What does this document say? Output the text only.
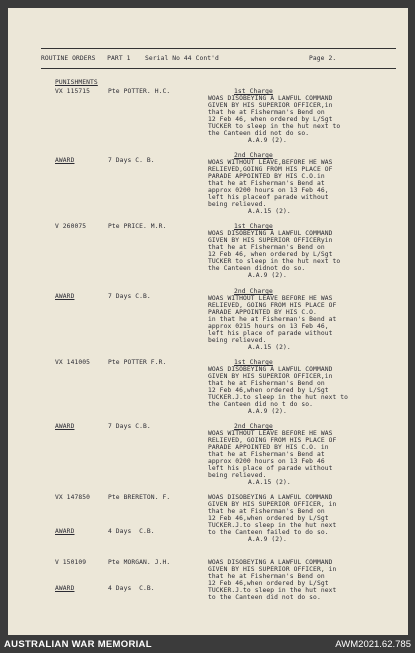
ROUTINE ORDERS   PART 1 Serial No 44 Cont'd	Page 2.
PUNISHMENTS
VX 115715	Pte POTTER. H.C.	1st Charge
WOAS DISOBEYING A LAWFUL COMMAND
GIVEN BY HIS SUPERIOR OFFICER,in
that he at Fisherman's Bend on
12 Feb 46, when ordered by L/Sgt
TUCKER to sleep in the hut next to
the Canteen did not do so.
A.A.9 (2).
AWARD	7 Days C. B.
2nd Charge
WOAS WITHOUT LEAVE,BEFORE HE WAS
RELIEVED,GOING FROM HIS PLACE OF
PARADE APPOINTED BY HIS C.O.in
that he at Fisherman's Bend at
approx 0200 hours on 13 Feb 46,
left his placeof parade without
being relieved.
A.A.15 (2).
V 260075	Pte PRICE. M.R.	1st Charge
WOAS DISOBEYING A LAWFUL COMMAND
GIVEN BY HIS SUPERIOR OFFICERyin
that he at Fisherman's Bend on
12 Feb 46, when ordered by L/Sgt
TUCKER to sleep in the hut next to
the Canteen didnot do so.
A.A.9 (2).
AWARD	7 Days C.B.
2nd Charge
WOAS WITHOUT LEAVE BEFORE HE WAS
RELIEVED, GOING FROM HIS PLACE OF
PARADE APPOINTED BY HIS C.O.
in that he at Fisherman's Bend at
approx 0215 hours on 13 Feb 46,
left his place of parade without
being relieved.
A.A.15 (2).
VX 141005	Pte POTTER F.R.	1st Charge
WOAS DISOBEYING A LAWFUL COMMAND
GIVEN BY HIS SUPERIOR OFFICER,in
that he at Fisherman's Bend on
12 Feb 46,when ordered by L/Sgt
TUCKER.J.to sleep in the hut next to
the Canteen did no t do so.
A.A.9 (2).
AWARD	7 Days C.B.	2nd Charge
WOAS WITHOUT LEAVE BEFORE HE WAS
RELIEVED, GOING FROM HIS PLACE OF
PARADE APPOINTED BY HIS C.O. in
that he at Fisherman's Bend at
approx 0200 hours on 13 Feb 46
left his place of parade without
being relieved.
A.A.15 (2).
VX 147850	Pte BRERETON. F.	WOAS DISOBEYING A LAWFUL COMMAND
GIVEN BY HIS SUPERIOR OFFICER, in
that he at Fisherman's Bend on
12 Feb 46,when ordered by L/Sgt
TUCKER.J.to sleep in the hut next
to the Canteen failed to do so.
A.A.9 (2).
AWARD	4 Days  C.B.
V 150109	Pte MORGAN. J.H.	WOAS DISOBEYING A LAWFUL COMMAND
GIVEN BY HIS SUPERIOR OFFICER, in
that he at Fisherman's Bend on
12 Feb 46,when ordered by L/Sgt
TUCKER.J.to sleep in the hut next
to the Canteen did not do so.
AWARD	4 Days  C.B.
AUSTRALIAN WAR MEMORIAL	AWM2021.62.785
